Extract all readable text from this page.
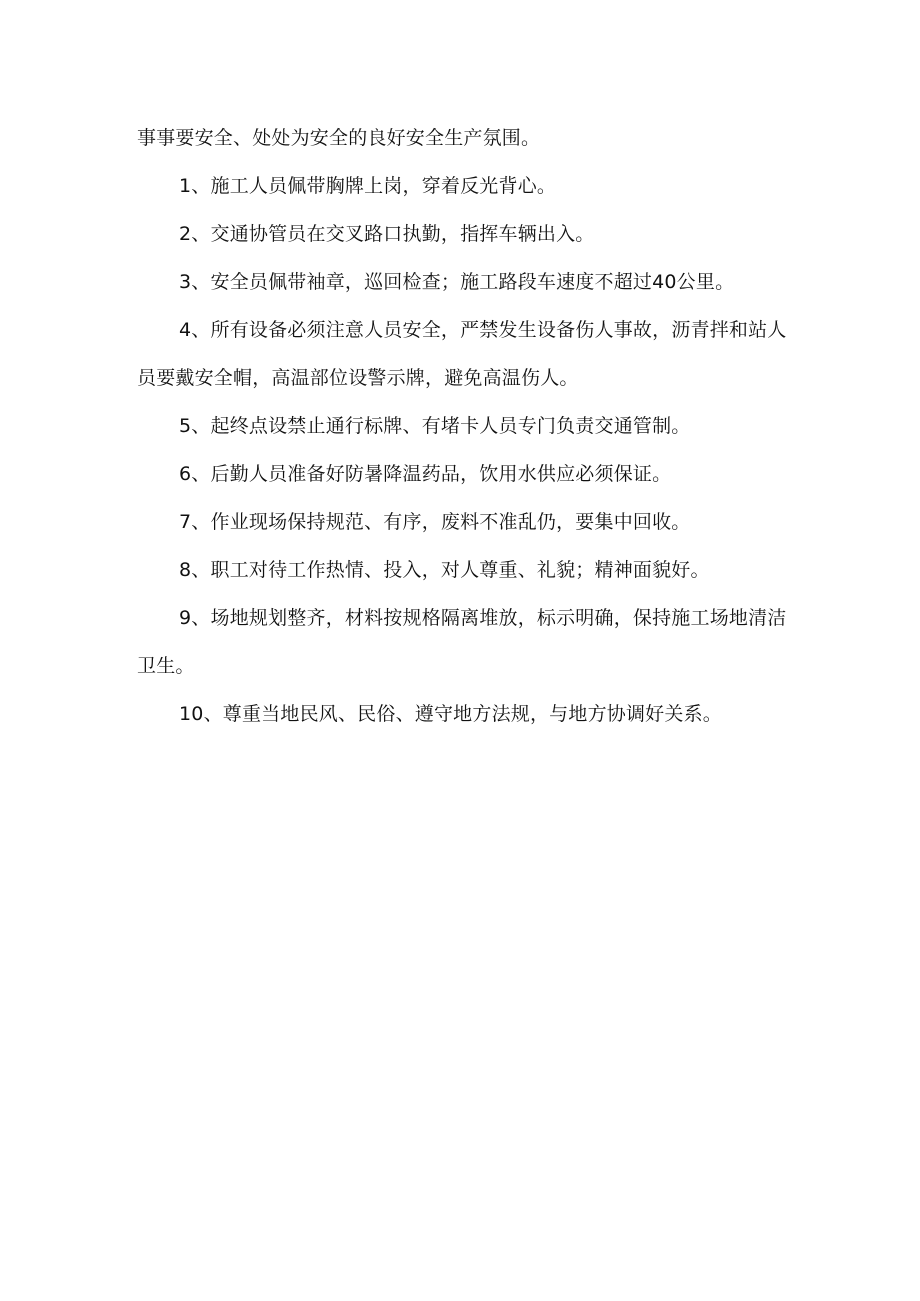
事事要安全、处处为安全的良好安全生产氛围。

1、施工人员佩带胸牌上岗，穿着反光背心。

2、交通协管员在交叉路口执勤，指挥车辆出入。

3、安全员佩带袖章，巡回检查；施工路段车速度不超过40公里。

4、所有设备必须注意人员安全，严禁发生设备伤人事故，沥青拌和站人员要戴安全帽，高温部位设警示牌，避免高温伤人。

5、起终点设禁止通行标牌、有堵卡人员专门负责交通管制。

6、后勤人员准备好防暑降温药品，饮用水供应必须保证。

7、作业现场保持规范、有序，废料不准乱仍，要集中回收。

8、职工对待工作热情、投入，对人尊重、礼貌；精神面貌好。

9、场地规划整齐，材料按规格隔离堆放，标示明确，保持施工场地清洁卫生。

10、尊重当地民风、民俗、遵守地方法规，与地方协调好关系。
